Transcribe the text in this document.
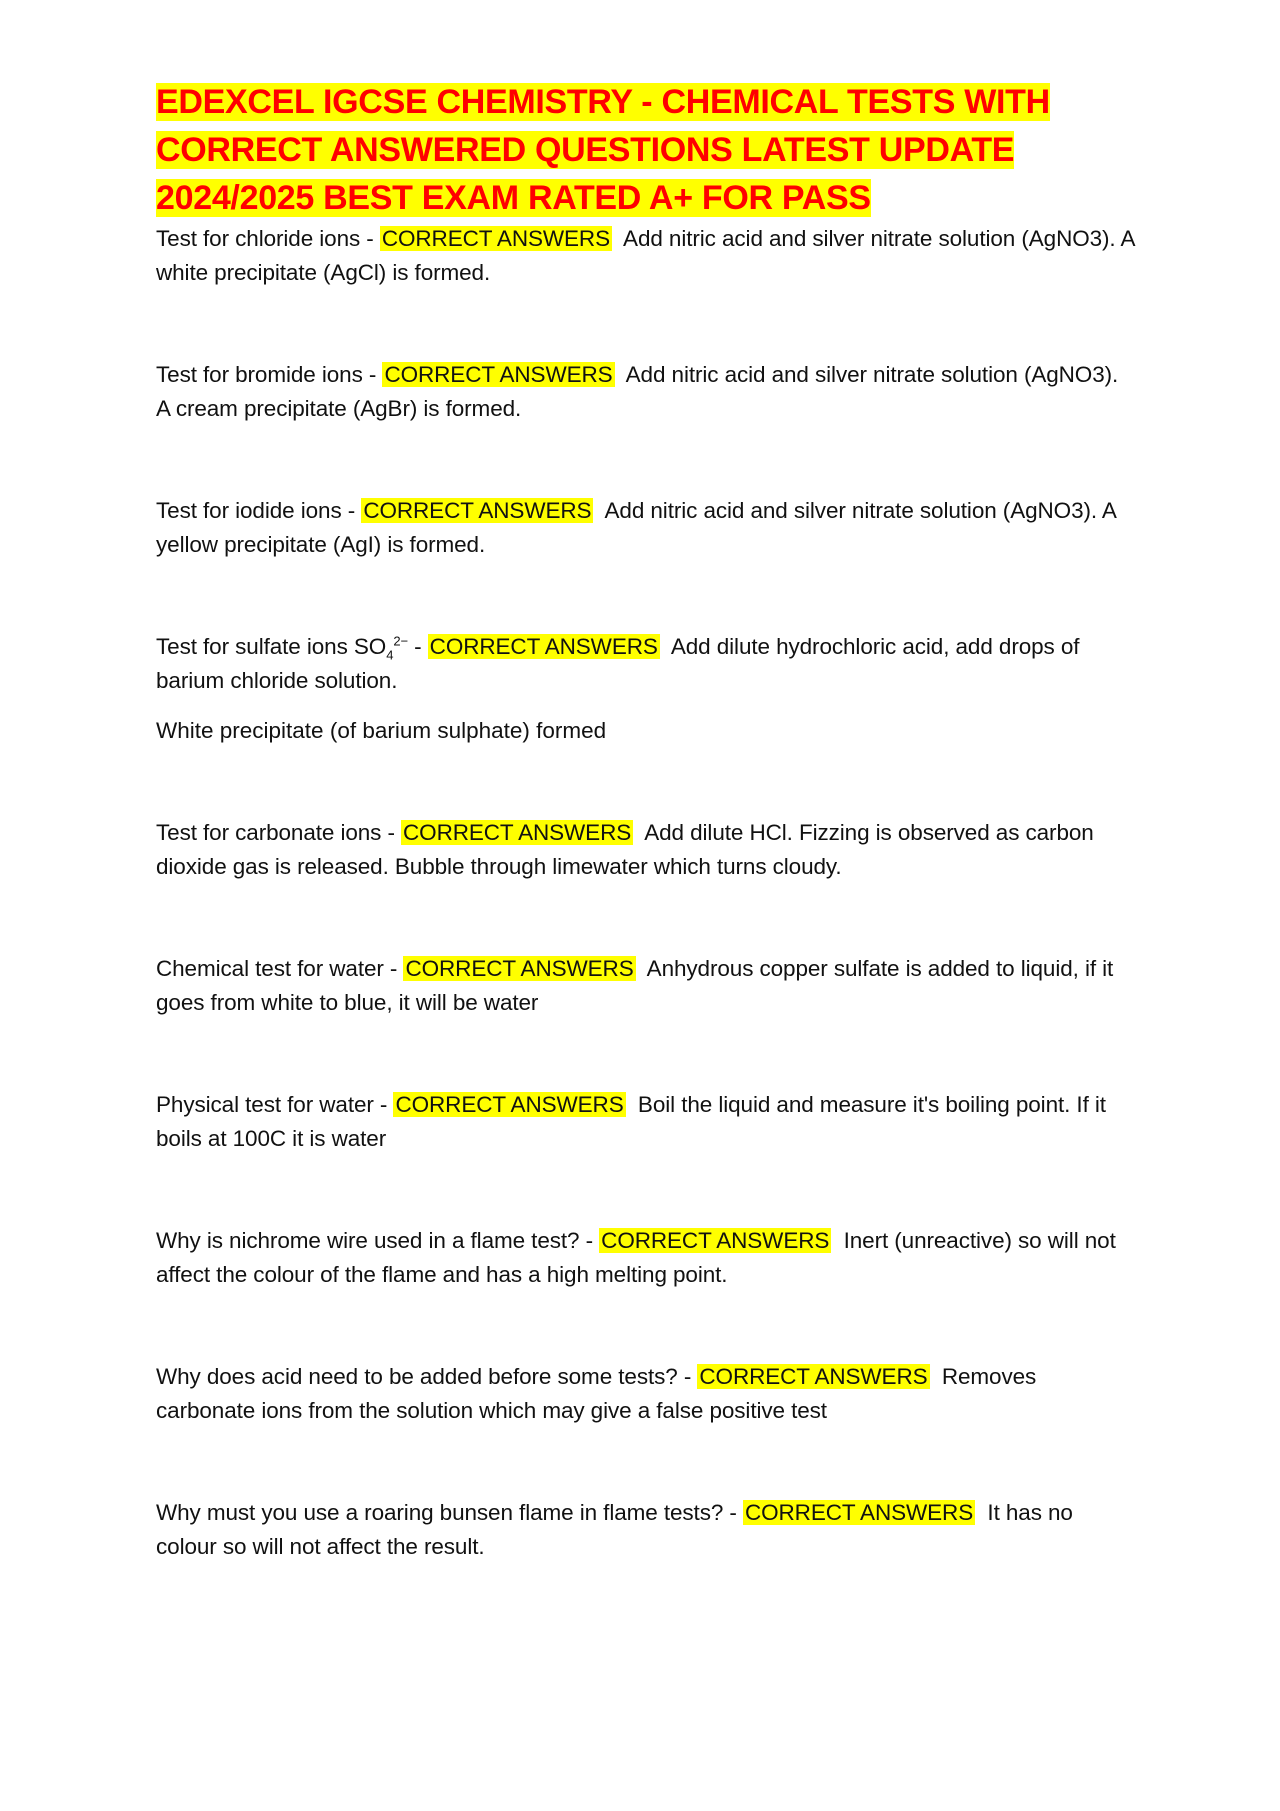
EDEXCEL IGCSE CHEMISTRY - CHEMICAL TESTS WITH
CORRECT ANSWERED QUESTIONS LATEST UPDATE
2024/2025 BEST EXAM RATED A+ FOR PASS

Test for chloride ions - CORRECT ANSWERS Add nitric acid and silver nitrate solution (AgNO3). A white precipitate (AgCl) is formed.

Test for bromide ions - CORRECT ANSWERS Add nitric acid and silver nitrate solution (AgNO3). A cream precipitate (AgBr) is formed.

Test for iodide ions - CORRECT ANSWERS Add nitric acid and silver nitrate solution (AgNO3). A yellow precipitate (AgI) is formed.

Test for sulfate ions $SO_4^{2-}$ - CORRECT ANSWERS Add dilute hydrochloric acid, add drops of barium chloride solution.

White precipitate (of barium sulphate) formed

Test for carbonate ions - CORRECT ANSWERS Add dilute HCl. Fizzing is observed as carbon dioxide gas is released. Bubble through limewater which turns cloudy.

Chemical test for water - CORRECT ANSWERS Anhydrous copper sulfate is added to liquid, if it goes from white to blue, it will be water

Physical test for water - CORRECT ANSWERS Boil the liquid and measure it's boiling point. If it boils at 100C it is water

Why is nichrome wire used in a flame test? - CORRECT ANSWERS Inert (unreactive) so will not affect the colour of the flame and has a high melting point.

Why does acid need to be added before some tests? - CORRECT ANSWERS Removes carbonate ions from the solution which may give a false positive test

Why must you use a roaring bunsen flame in flame tests? - CORRECT ANSWERS It has no colour so will not affect the result.
